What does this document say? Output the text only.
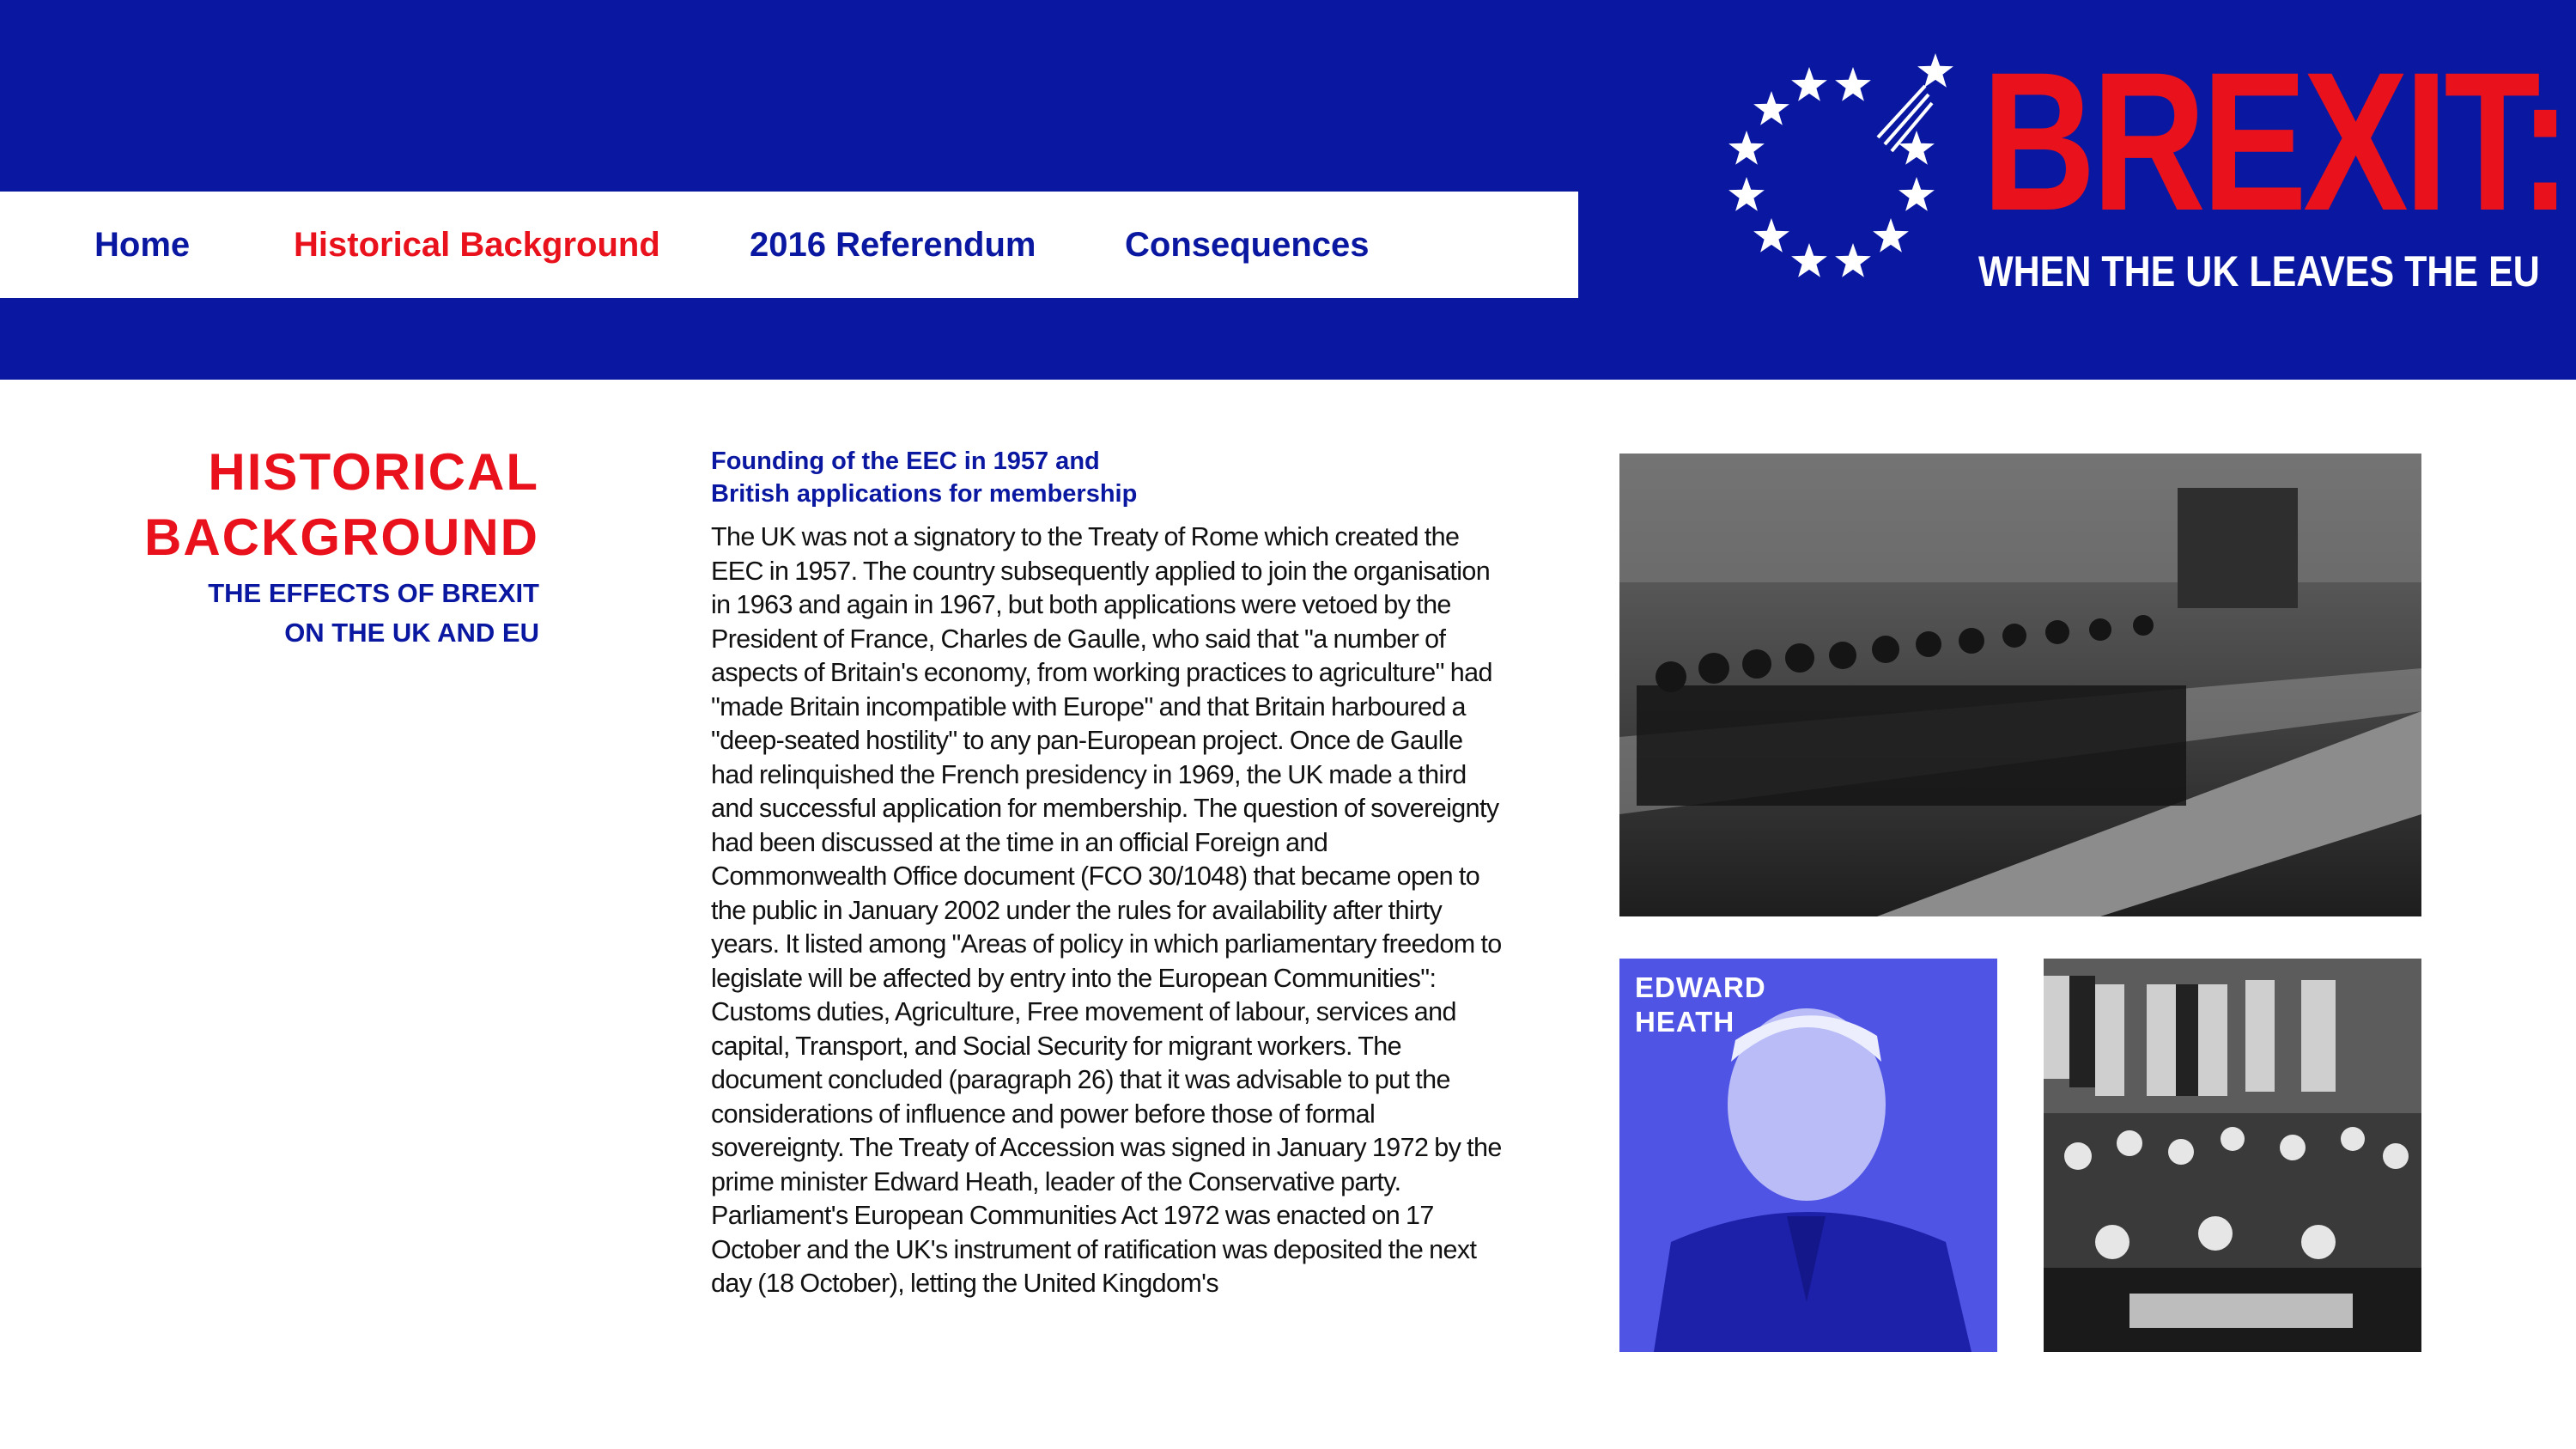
Home	Historical Background	2016 Referendum	Consequences	BREXIT:
WHEN THE UK LEAVES THE EU
HISTORICAL
BACKGROUND
THE EFFECTS OF BREXIT
ON THE UK AND EU
Founding of the EEC in 1957 and
British applications for membership
The UK was not a signatory to the Treaty of Rome which created the EEC in 1957. The country subsequently applied to join the organisation in 1963 and again in 1967, but both applications were vetoed by the President of France, Charles de Gaulle, who said that "a number of aspects of Britain's economy, from working practices to agriculture" had "made Britain incompatible with Europe" and that Britain harboured a "deep-seated hostility" to any pan-European project. Once de Gaulle had relinquished the French presidency in 1969, the UK made a third and successful application for membership. The question of sovereignty had been discussed at the time in an official Foreign and Commonwealth Office document (FCO 30/1048) that became open to the public in January 2002 under the rules for availability after thirty years. It listed among "Areas of policy in which parliamentary freedom to legislate will be affected by entry into the European Communities": Customs duties, Agriculture, Free movement of labour, services and capital, Transport, and Social Security for migrant workers. The document concluded (paragraph 26) that it was advisable to put the considerations of influence and power before those of formal sovereignty. The Treaty of Accession was signed in January 1972 by the prime minister Edward Heath, leader of the Conservative party. Parliament's European Communities Act 1972 was enacted on 17 October and the UK's instrument of ratification was deposited the next day (18 October), letting the United Kingdom's
EDWARD
HEATH
